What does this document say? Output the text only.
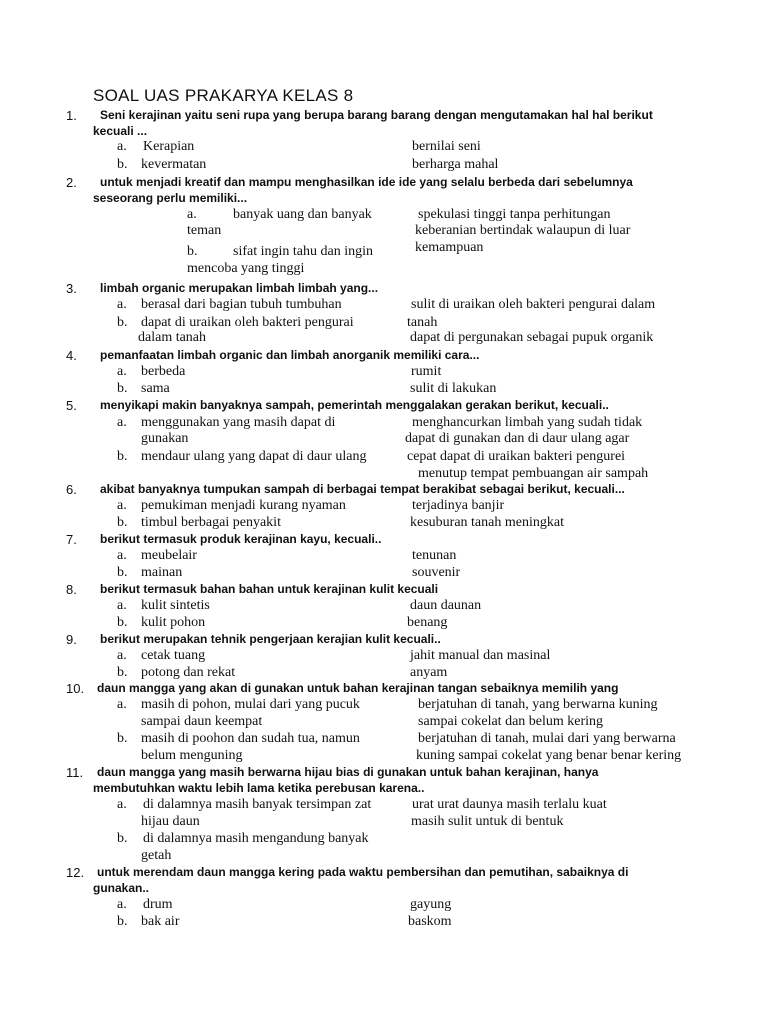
SOAL UAS PRAKARYA KELAS 8
1. Seni kerajinan yaitu seni rupa yang berupa barang barang dengan mengutamakan hal hal berikut
kecuali ...
a. Kerapian
b. kevermatan
bernilai seni
berharga mahal
2. untuk menjadi kreatif dan mampu menghasilkan ide ide yang selalu berbeda dari sebelumnya
seseorang perlu memiliki...
a.	banyak uang dan banyak
teman
b.	sifat ingin tahu dan ingin
mencoba yang tinggi
spekulasi tinggi tanpa perhitungan
keberanian bertindak walaupun di luar
kemampuan
3. limbah organic merupakan limbah limbah yang...
a. berasal dari bagian tubuh tumbuhan
b. dapat di uraikan oleh bakteri pengurai
dalam tanah
sulit di uraikan oleh bakteri pengurai dalam
tanah
dapat di pergunakan sebagai pupuk organik
4. pemanfaatan limbah organic dan limbah anorganik memiliki cara...
a. berbeda
b. sama
rumit
sulit di lakukan
5. menyikapi makin banyaknya sampah, pemerintah menggalakan gerakan berikut, kecuali..
a. menggunakan yang masih dapat di
gunakan
b. mendaur ulang yang dapat di daur ulang
menghancurkan limbah yang sudah tidak
dapat di gunakan dan di daur ulang agar
cepat dapat di uraikan bakteri pengurei
menutup tempat pembuangan air sampah
6. akibat banyaknya tumpukan sampah di berbagai tempat berakibat sebagai berikut, kecuali...
a. pemukiman menjadi kurang nyaman
b. timbul berbagai penyakit
terjadinya banjir
kesuburan tanah meningkat
7. berikut termasuk produk kerajinan kayu, kecuali..
a. meubelair
b. mainan
tenunan
souvenir
8. berikut termasuk bahan bahan untuk kerajinan kulit kecuali
a. kulit sintetis
b. kulit pohon
daun daunan
benang
9. berikut merupakan tehnik pengerjaan kerajian kulit kecuali..
a. cetak tuang
b. potong dan rekat
jahit manual dan masinal
anyam
10. daun mangga yang akan di gunakan untuk bahan kerajinan tangan sebaiknya memilih yang
a. masih di pohon, mulai dari yang pucuk
sampai daun keempat
b. masih di poohon dan sudah tua, namun
belum menguning
berjatuhan di tanah, yang berwarna kuning
sampai cokelat dan belum kering
berjatuhan di tanah, mulai dari yang berwarna
kuning sampai cokelat yang benar benar kering
11. daun mangga yang masih berwarna hijau bias di gunakan untuk bahan kerajinan, hanya
membutuhkan waktu lebih lama ketika perebusan karena..
a. di dalamnya masih banyak tersimpan zat
hijau daun
b. di dalamnya masih mengandung banyak
getah
urat urat daunya masih terlalu kuat
masih sulit untuk di bentuk
12. untuk merendam daun mangga kering pada waktu pembersihan dan pemutihan, sabaiknya di
gunakan..
a. drum
b. bak air
gayung
baskom
